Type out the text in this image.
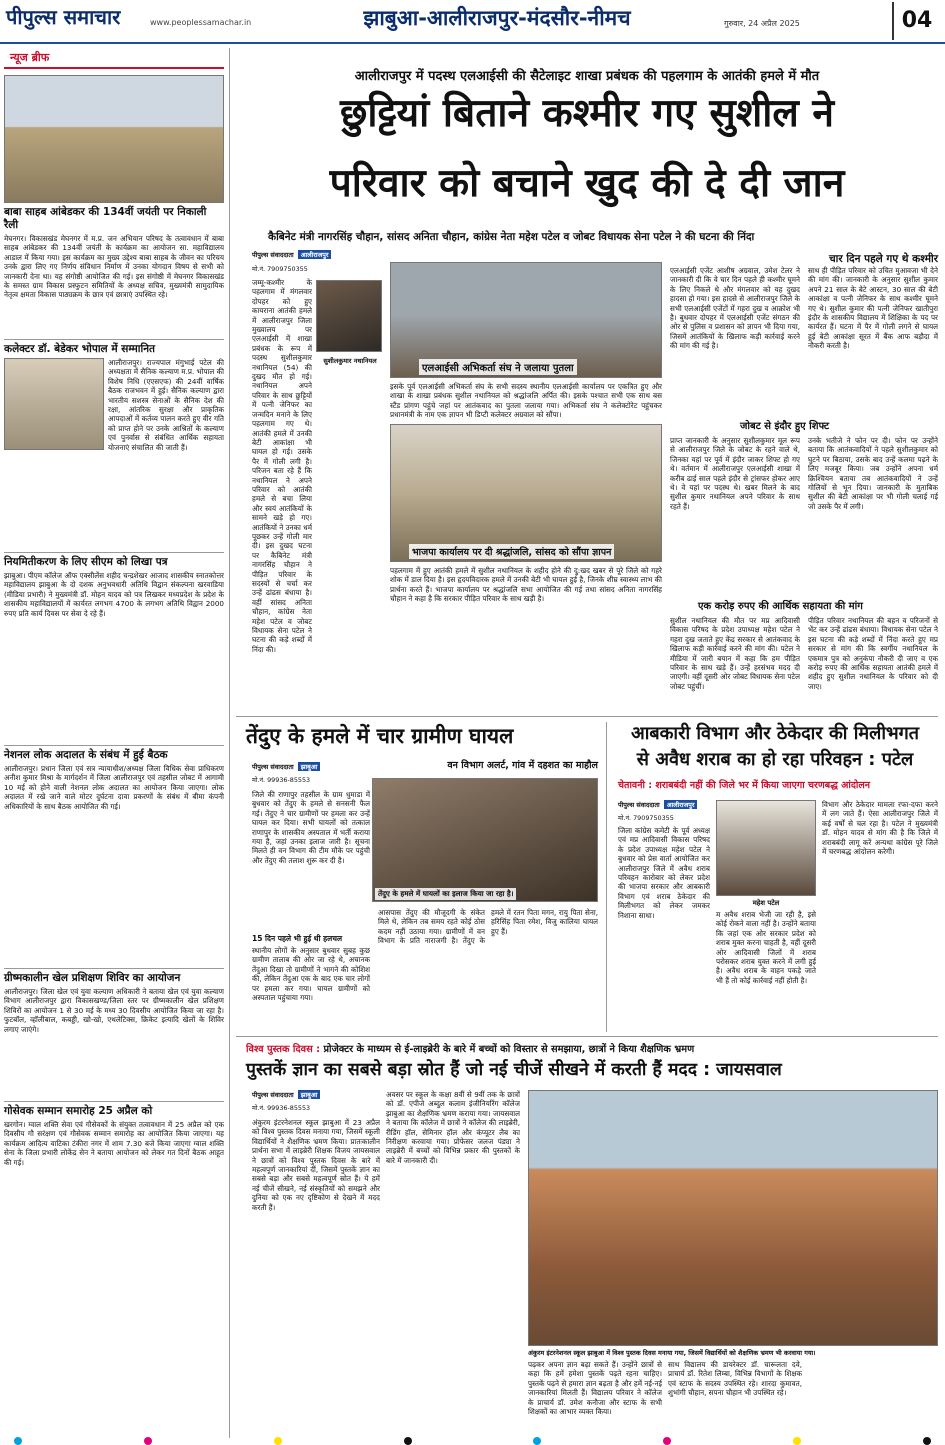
पीपुल्स समाचार	www.peoplessamachar.in	झाबुआ-आलीराजपुर-मंदसौर-नीमच	गुरुवार, 24 अप्रैल 2025	04
न्यूज ब्रीफ
बाबा साहब आंबेडकर की 134वीं जयंती पर निकाली रैली

मेघनगर। विकासखंड मेघनगर में म.प्र. जन अभियान परिषद के तत्वावधान में बाबा साहब आंबेडकर की 134वीं जयंती के कार्यक्रम का आयोजन सा. महाविद्यालय आडाल में किया गया। इस कार्यक्रम का मुख्य उद्देश्य बाबा साहब के जीवन का परिचय उनके द्वारा लिए गए निर्णय संविधान निर्माण में उनका योगदान विषय से सभी को जानकारी देना था। यह संगोष्ठी आयोजित की गई। इस संगोष्ठी में मेघनगर विकासखंड के समस्त ग्राम विकास प्रस्फुटन समितियों के अध्यक्ष सचिव, मुख्यमंत्री सामुदायिक नेतृत्व क्षमता विकास पाठ्यक्रम के छात्र एवं छात्राएं उपस्थित रहे।

कलेक्टर डॉ. बेडेकर भोपाल में सम्मानित

आलीराजपुर। राज्यपाल मंगुभाई पटेल की अध्यक्षता में सैनिक कल्याण म.प्र. भोपाल की विशेष निधि (एएसएफ) की 24वीं वार्षिक बैठक राजभवन में हुई। सैनिक कल्याण द्वारा भारतीय सशस्त्र सेनाओं के सैनिक देश की रक्षा, आंतरिक सुरक्षा और प्राकृतिक आपदाओं में कर्तव्य पालन करते हुए वीर गति को प्राप्त होने पर उनके आश्रितों के कल्याण एवं पुनर्वास से संबंधित आर्थिक सहायता योजनाएं संचालित की जाती हैं।

नियमितीकरण के लिए सीएम को लिखा पत्र

झाबुआ। पीएम कॉलेज ऑफ एक्सीलेंस शहीद चन्द्रशेखर आजाद शासकीय स्नातकोत्तर महाविद्यालय झाबुआ के दो दशक अनुभवधारी अतिथि विद्वान संकल्पना खरवाडिया (मीडिया प्रभारी) ने मुख्यमंत्री डॉ. मोहन यादव को पत्र लिखकर मध्यप्रदेश के प्रदेश के शासकीय महाविद्यालयों में कार्यरत लगभग 4700 के लगभग अतिथि विद्वान 2000 रुपए प्रति कार्य दिवस पर सेवा दे रहे हैं।

नेशनल लोक अदालत के संबंध में हुई बैठक

आलीराजपुर। प्रधान जिला एवं सत्र न्यायाधीश/अध्यक्ष जिला विधिक सेवा प्राधिकरण अनीश कुमार मिश्रा के मार्गदर्शन में जिला आलीराजपुर एवं तहसील जोबट में आगामी 10 मई को होने वाली नेशनल लोक अदालत का आयोजन किया जाएगा। लोक अदालत में रखे जाने वाले मोटर दुर्घटना दावा प्रकरणों के संबंध में बीमा कंपनी अधिकारियों के साथ बैठक आयोजित की गई।

ग्रीष्मकालीन खेल प्रशिक्षण शिविर का आयोजन

आलीराजपुर। जिला खेल एवं युवा कल्याण अधिकारी ने बताया खेल एवं युवा कल्याण विभाग आलीराजपुर द्वारा विकासखण्ड/जिला स्तर पर ग्रीष्मकालीन खेल प्रशिक्षण शिविरों का आयोजन 1 से 30 मई के मध्य 30 दिवसीय आयोजित किया जा रहा है। फुटबॉल, व्हॉलीबाल, कबड्डी, खो-खो, एथलेटिक्स, क्रिकेट इत्यादि खेलों के शिविर लगाए जाएंगे।

गोसेवक सम्मान समारोह 25 अप्रैल को

खरगोन। ग्वाल शक्ति सेवा एवं गौसेवकों के संयुक्त तत्वावधान में 25 अप्रैल को एक दिवसीय गौ सरंक्षण एवं गौसेवक सम्मान समारोह का आयोजित किया जाएगा। यह कार्यक्रम आदित्य वाटिका टंकीरा नगर में शाम 7.30 बजे किया जाएगा ग्वाल शक्ति सेना के जिला प्रभारी लोकेंद्र सेन ने बताया आयोजन को लेकर गत दिनों बैठक आहूत की गई।

आलीराजपुर में पदस्थ एलआईसी की सैटेलाइट शाखा प्रबंधक की पहलगाम के आतंकी हमले में मौत
छुट्टियां बिताने कश्मीर गए सुशील ने
परिवार को बचाने खुद की दे दी जान
कैबिनेट मंत्री नागरसिंह चौहान, सांसद अनिता चौहान, कांग्रेस नेता महेश पटेल व जोबट विधायक सेना पटेल ने की घटना की निंदा
चार दिन पहले गए थे कश्मीर
पीपुल्स संवाददाता	आलीराजपुर
मो.नं. 7909750355
सुशीलकुमार नथानियल

जम्मू-कश्मीर के पहलगाम में मंगलवार दोपहर को हुए कायराना आतंकी हमले में आलीराजपुर जिला मुख्यालय पर एलआईसी में शाखा प्रबंधक के रूप में पदस्थ सुशीलकुमार नथानियल (54) की दुखद मौत हो गई। नथानियल अपने परिवार के साथ छुट्टियों में पत्नी जेनिफर का जन्मदिन मनाने के लिए पहलगाम गए थे। आतंकी हमले में उनकी बेटी आकांक्षा भी घायल हो गई। उसके पैर में गोली लगी है। परिजन बता रहे हैं कि नथानियल ने अपने परिवार को आतंकी हमले से बचा लिया और स्वयं आतंकियों के सामने खड़े हो गए। आतंकियों ने उनका धर्म पूछकर उन्हें गोली मार दी। इस दुखद घटना पर कैबिनेट मंत्री नागरसिंह चौहान ने पीड़ित परिवार के सदस्यों से चर्चा कर उन्हें ढांढस बंधाया है। वहीं सांसद अनिता चौहान, कांग्रेस नेता महेश पटेल व जोबट विधायक सेना पटेल ने घटना की कड़े शब्दों में निंदा की।

एलआईसी अभिकर्ता संघ ने जलाया पुतला

इसके पूर्व एलआईसी अभिकर्ता संघ के सभी सदस्य स्थानीय एलआईसी कार्यालय पर एकत्रित हुए और शाखा के शाखा प्रबंधक सुशील नथानियल को श्रद्धांजलि अर्पित की। इसके पश्चात सभी एक साथ बस स्टैंड प्रांगण पहुंचे जहां पर आतंकवाद का पुतला जलाया गया। अभिकर्ता संघ ने कलेक्टोरेट पहुंचकर प्रधानमंत्री के नाम एक ज्ञापन भी डिप्टी कलेक्टर अग्रवाल को सौंपा।

भाजपा कार्यालय पर दी श्रद्धांजलि, सांसद को सौंपा ज्ञापन

पहलगाम में हुए आतंकी हमले में सुशील नथानियल के शहीद होने की दु:खद खबर से पूरे जिले को गहरे शोक में डाल दिया है। इस हृदयविदारक हमले में उनकी बेटी भी घायल हुई है, जिनके शीघ्र स्वास्थ्य लाभ की प्रार्थना करते हैं। भाजपा कार्यालय पर श्रद्धांजलि सभा आयोजित की गई तथा सांसद अनिता नागरसिंह चौहान ने कहा है कि सरकार पीड़ित परिवार के साथ खड़ी है।

एलआईसी एजेंट आशीष अग्रवाल, उमेश टेलर ने जानकारी दी कि वे चार दिन पहले ही कश्मीर घूमने के लिए निकले थे और मंगलवार को यह दुखद हादसा हो गया। इस हादसे से आलीराजपुर जिले के सभी एलआईसी एजेंटों में गहरा दुख व आक्रोश भी है। बुधवार दोपहर में एलआईसी एजेंट संगठन की ओर से पुलिस व प्रशासन को ज्ञापन भी दिया गया, जिसमें आतंकियों के खिलाफ कड़ी कार्रवाई करने की मांग की गई है।

साथ ही पीड़ित परिवार को उचित मुआवजा भी देने की मांग की। जानकारी के अनुसार सुशील कुमार अपने 21 साल के बेटे आस्टन, 30 साल की बेटी आकांक्षा व पत्नी जेनिफर के साथ कश्मीर घूमने गए थे। सुशील कुमार की पत्नी जेनिफर खातीपुरा इंदौर के शासकीय विद्यालय में शिक्षिका के पद पर कार्यरत हैं। घटना में पैर में गोली लगने से घायल हुई बेटी आकांक्षा सूरत में बैंक आफ बड़ौदा में नौकरी करती है।

जोबट से इंदौर हुए शिफ्ट

प्राप्त जानकारी के अनुसार सुशीलकुमार मूल रूप से आलीराजपुर जिले के जोबट के रहने वाले थे, जिनका यहां पर पूर्व में इंदौर जाकर शिफ्ट हो गए थे। वर्तमान में आलीराजपुर एलआईसी शाखा में करीब ढाई साल पहले इंदौर से ट्रांसफर होकर आए थे। वे यहां पर पदस्थ थे। खबर मिलने के बाद सुशील कुमार नथानियल अपने परिवार के साथ रहते हैं।

उनके भतीजे ने फोन पर दी। फोन पर उन्होंने बताया कि आतंकवादियों ने पहले सुशीलकुमार को घुटने पर बिठाया, उसके बाद उन्हें कलमा पढ़ने के लिए मजबूर किया। जब उन्होंने अपना धर्म क्रिश्चियन बताया तब आतंकवादियों ने उन्हें गोलियों से भून दिया। जानकारी के मुताबिक सुशील की बेटी आकांक्षा पर भी गोली चलाई गई जो उसके पैर में लगी।

एक करोड़ रुपए की आर्थिक सहायता की मांग

सुशील नथानियल की मौत पर मप्र आदिवासी विकास परिषद के प्रदेश उपाध्यक्ष महेश पटेल ने गहरा दुख जताते हुए केंद्र सरकार से आतंकवाद के खिलाफ कड़ी कार्रवाई करने की मांग की। पटेल ने मीडिया में जारी बयान में कहा कि हम पीड़ित परिवार के साथ खड़े हैं। उन्हें हरसंभव मदद दी जाएगी। वहीं दूसरी ओर जोबट विधायक सेना पटेल जोबट पहुंचीं।

पीड़ित परिवार नथानियल की बहन व परिजनों से भेंट कर उन्हें ढांढस बंधाया। विधायक सेना पटेल ने इस घटना की कड़े शब्दों में निंदा करते हुए मप्र सरकार से मांग की कि स्वर्गीय नथानियल के एकमात्र पुत्र को अनुकंपा नौकरी दी जाए व एक करोड़ रुपए की आर्थिक सहायता आतंकी हमले में शहीद हुए सुशील नथानियल के परिवार को दी जाए।

तेंदुए के हमले में चार ग्रामीण घायल
वन विभाग अलर्ट, गांव में दहशत का माहौल
पीपुल्स संवाददाता	झाबुआ
मो.नं. 99936-85553

जिले की राणापुर तहसील के ग्राम धुमाडा में बुधवार को तेंदुए के हमले से सनसनी फैल गई। तेंदुए ने चार ग्रामीणों पर हमला कर उन्हें घायल कर दिया। सभी घायलों को तत्काल राणापुर के शासकीय अस्पताल में भर्ती कराया गया है, जहां उनका इलाज जारी है। सूचना मिलते ही वन विभाग की टीम मौके पर पहुंची और तेंदुए की तलाश शुरू कर दी है।

तेंदुए के हमले में घायलों का इलाज किया जा रहा है।
15 दिन पहले भी हुई थी हलचल

स्थानीय लोगों के अनुसार बुधवार सुबह कुछ ग्रामीण तालाब की ओर जा रहे थे, अचानक तेंदुआ दिखा तो ग्रामीणों ने भागने की कोशिश की, लेकिन तेंदुआ एक के बाद एक चार लोगों पर हमला कर गया। घायल ग्रामीणों को अस्पताल पहुंचाया गया।

आसपास तेंदुए की मौजूदगी के संकेत मिले थे, लेकिन तब समय रहते कोई ठोस कदम नहीं उठाया गया। ग्रामीणों में वन विभाग के प्रति नाराजगी है। तेंदुए के हमले में रतन पिता मगन, रायु पिता सेना, हरिसिंह पिता रमेश, विजु कालिया घायल हुए हैं।

आबकारी विभाग और ठेकेदार की मिलीभगत
से अवैध शराब का हो रहा परिवहन : पटेल
चेतावनी : शराबबंदी नहीं की जिले भर में किया जाएगा चरणबद्ध आंदोलन
पीपुल्स संवाददाता	आलीराजपुर
मो.नं. 7909750355

जिला कांग्रेस कमेटी के पूर्व अध्यक्ष एवं मप्र आदिवासी विकास परिषद के प्रदेश उपाध्यक्ष महेश पटेल ने बुधवार को प्रेस वार्ता आयोजित कर आलीराजपुर जिले में अवैध शराब परिवहन कारोबार को लेकर प्रदेश की भाजपा सरकार और आबकारी विभाग एवं शराब ठेकेदार की मिलीभगत को लेकर जमकर निशाना साधा।

महेश पटेल

म अवैध शराब भेजी जा रही है, इसे कोई रोकने वाला नहीं है। उन्होंने बताया कि जहां एक ओर सरकार प्रदेश को शराब मुक्त करना चाहती है, वहीं दूसरी ओर आदिवासी जिलों में शराब परोसकर शराब युक्त करने में लगी हुई है। अवैध शराब के वाहन पकड़े जाते भी हैं तो कोई कार्रवाई नहीं होती है।

विभाग और ठेकेदार मामला रफा-दफा करने में लग जाते हैं। ऐसा आलीराजपुर जिले में कई वर्षों से चल रहा है। पटेल ने मुख्यमंत्री डॉ. मोहन यादव से मांग की है कि जिले में शराबबंदी लागू करें अन्यथा कांग्रेस पूरे जिले में चरणबद्ध आंदोलन करेगी।

विश्व पुस्तक दिवस : प्रोजेक्टर के माध्यम से ई-लाइब्रेरी के बारे में बच्चों को विस्तार से समझाया, छात्रों ने किया शैक्षणिक भ्रमण
पुस्तकें ज्ञान का सबसे बड़ा स्रोत हैं जो नई चीजें सीखने में करती हैं मदद : जायसवाल
पीपुल्स संवाददाता	झाबुआ
मो.नं. 99936-85553

अंकुरम इंटरनेशनल स्कूल झाबुआ में 23 अप्रैल को विश्व पुस्तक दिवस मनाया गया, जिसमें स्कूली विद्यार्थियों ने शैक्षणिक भ्रमण किया। प्रातःकालीन प्रार्थना सभा में लाइब्रेरी शिक्षक विजय जायसवाल ने छात्रों को विश्व पुस्तक दिवस के बारे में महत्वपूर्ण जानकारियां दीं, जिसमें पुस्तकें ज्ञान का सबसे बड़ा और सबसे महत्वपूर्ण स्रोत हैं। ये हमें नई चीजें सीखने, नई संस्कृतियों को समझने और दुनिया को एक नए दृष्टिकोण से देखने में मदद करती हैं।

अवसर पर स्कूल के कक्षा 8वीं से 9वीं तक के छात्रों को डॉ. एपीजे अब्दुल कलाम इंजीनियरिंग कॉलेज झाबुआ का शैक्षणिक भ्रमण कराया गया। जायसवाल ने बताया कि कॉलेज में छात्रों ने कॉलेज की लाइब्रेरी, रीडिंग हॉल, सेमिनार हॉल और कंप्यूटर लैब का निरीक्षण करवाया गया। प्रोफेसर जलज पंड्या ने लाइब्रेरी में बच्चों को विभिन्न प्रकार की पुस्तकों के बारे में जानकारी दी।

अंकुरम इंटरनेशनल स्कूल झाबुआ में विश्व पुस्तक दिवस मनाया गया, जिसमें विद्यार्थियों को शैक्षणिक भ्रमण भी करवाया गया।

पढ़कर अपना ज्ञान बढ़ा सकते हैं। उन्होंने छात्रों से कहा कि हमें हमेशा पुस्तकें पढ़ते रहना चाहिए। पुस्तकें पढ़ने से हमारा ज्ञान बढ़ता है और हमें नई-नई जानकारियां मिलती हैं। विद्यालय परिवार ने कॉलेज के प्राचार्य डॉ. उमेश कनौजा और स्टाफ के सभी शिक्षकों का आभार व्यक्त किया।

साथ विद्यालय की डायरेक्टर डॉ. चारूलता दवे, प्राचार्य डॉ. रितेश लिम्बा, विभिन्न विभागों के शिक्षक एवं स्टाफ के सदस्य उपस्थित रहे। शारदा कुमावत, शुभांगी चौहान, सपना चौहान भी उपस्थित रहे।
